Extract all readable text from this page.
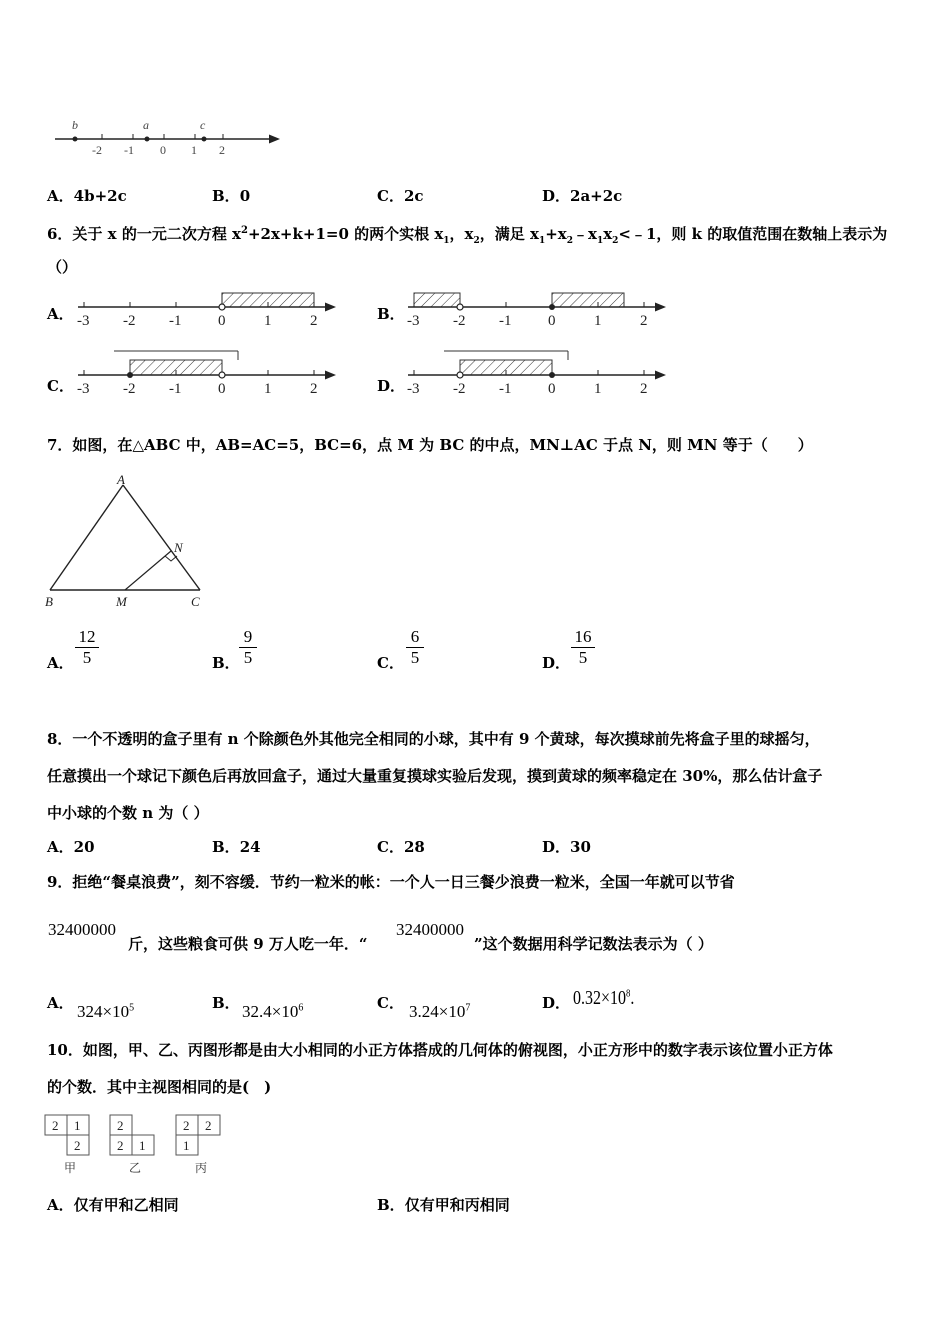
b	a	c
-2 -1 0 1 2
A．4b+2c	B．0	C．2c	D．2a+2c
6．关于 x 的一元二次方程 $x^2+2x+k+1=0$ 的两个实根 $x_1$，$x_2$，满足 $x_1+x_2﹣x_1x_2<﹣1$，则 k 的取值范围在数轴上表示为
（）
A． -3 -2 -1 0	1	2	B． -3 -2 -1 0	1	2
C． -3 -2 -1 0	1	2	D． -3 -2 -1 0	1	2
7．如图，在△ABC 中，AB=AC=5，BC=6，点 M 为 BC 的中点，MN⊥AC 于点 N，则 MN 等于（　　）
A
B	M	C
N
A．
12
5	B．
9
5	C．
6
5	D．
16
5
8．一个不透明的盒子里有 n 个除颜色外其他完全相同的小球，其中有 9 个黄球，每次摸球前先将盒子里的球摇匀，
任意摸出一个球记下颜色后再放回盒子，通过大量重复摸球实验后发现，摸到黄球的频率稳定在 30%，那么估计盒子
中小球的个数 n 为（ ）
A．20	B．24	C．28	D．30
9．拒绝“餐桌浪费”，刻不容缓．节约一粒米的帐：一个人一日三餐少浪费一粒米，全国一年就可以节省
32400000
斤，这些粮食可供 9 万人吃一年．“
32400000
”这个数据用科学记数法表示为（ ）
A． $324\times 10^5$	B． $32.4\times 10^6$	C． $3.24\times 10^7$	D． $0.32\times 10^8$.
10．如图，甲、乙、丙图形都是由大小相同的小正方体搭成的几何体的俯视图，小正方形中的数字表示该位置小正方体
的个数．其中主视图相同的是(　)
2 1
2
甲
2
2 1
乙
2 2
1
丙
A．仅有甲和乙相同	B．仅有甲和丙相同
